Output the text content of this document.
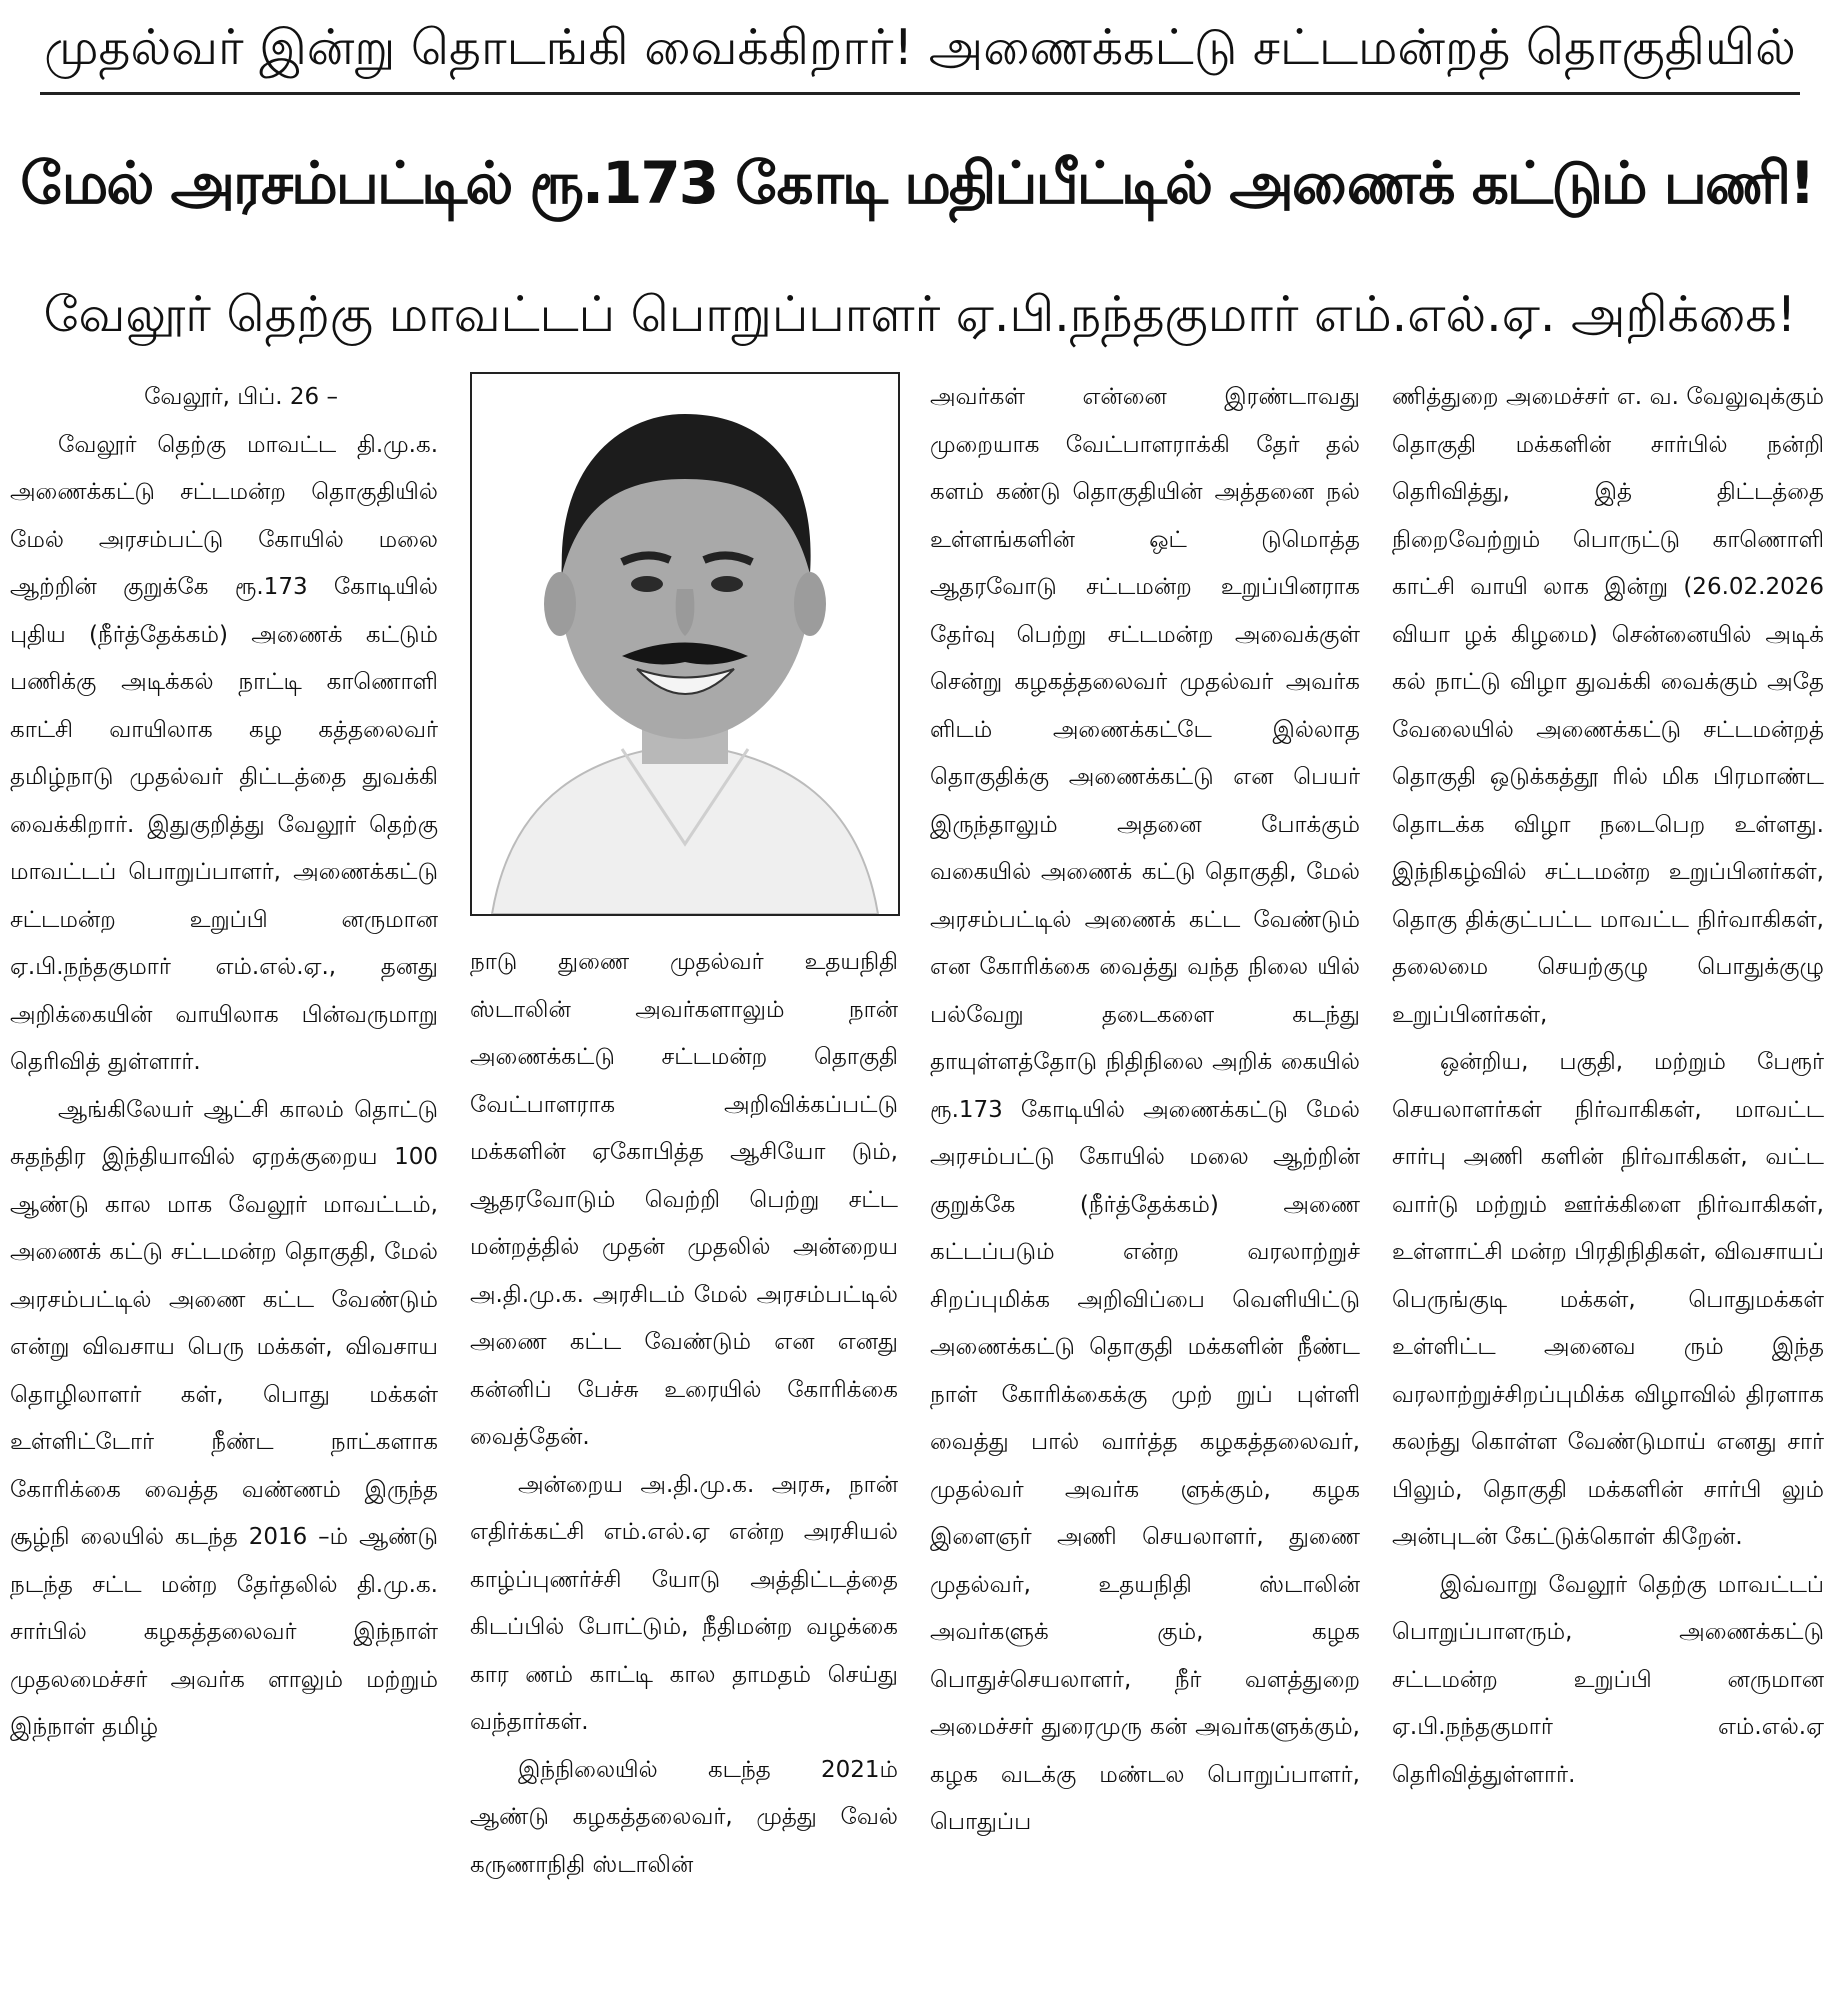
முதல்வர் இன்று தொடங்கி வைக்கிறார்! அணைக்கட்டு சட்டமன்றத் தொகுதியில்
மேல் அரசம்பட்டில் ரூ.173 கோடி மதிப்பீட்டில் அணைக் கட்டும் பணி!
வேலூர் தெற்கு மாவட்டப் பொறுப்பாளர் ஏ.பி.நந்தகுமார் எம்.எல்.ஏ. அறிக்கை!

வேலூர், பிப். 26 –

வேலூர் தெற்கு மாவட்ட தி.மு.க. அணைக்கட்டு சட்டமன்ற தொகுதியில் மேல் அரசம்பட்டு கோயில் மலை ஆற்றின் குறுக்கே ரூ.173 கோடியில் புதிய (நீர்த்தேக்கம்) அணைக் கட்டும் பணிக்கு அடிக்கல் நாட்டி காணொளி காட்சி வாயிலாக கழ கத்தலைவர் தமிழ்நாடு முதல்வர் திட்டத்தை துவக்கி வைக்கிறார். இதுகுறித்து வேலூர் தெற்கு மாவட்டப் பொறுப்பாளர், அணைக்கட்டு சட்டமன்ற உறுப்பி னருமான ஏ.பி.நந்தகுமார் எம்.எல்.ஏ., தனது அறிக்கையின் வாயிலாக பின்வருமாறு தெரிவித் துள்ளார்.

ஆங்கிலேயர் ஆட்சி காலம் தொட்டு சுதந்திர இந்தியாவில் ஏறக்குறைய 100 ஆண்டு கால மாக வேலூர் மாவட்டம், அணைக் கட்டு சட்டமன்ற தொகுதி, மேல் அரசம்பட்டில் அணை கட்ட வேண்டும் என்று விவசாய பெரு மக்கள், விவசாய தொழிலாளர் கள், பொது மக்கள் உள்ளிட்டோர் நீண்ட நாட்களாக கோரிக்கை வைத்த வண்ணம் இருந்த சூழ்நி லையில் கடந்த 2016 –ம் ஆண்டு நடந்த சட்ட மன்ற தேர்தலில் தி.மு.க. சார்பில் கழகத்தலைவர் இந்நாள் முதலமைச்சர் அவர்க ளாலும் மற்றும் இந்நாள் தமிழ்

நாடு துணை முதல்வர் உதயநிதி ஸ்டாலின் அவர்களாலும் நான் அணைக்கட்டு சட்டமன்ற தொகுதி வேட்பாளராக அறிவிக்கப்பட்டு மக்களின் ஏகோபித்த ஆசியோ டும், ஆதரவோடும் வெற்றி பெற்று சட்ட மன்றத்தில் முதன் முதலில் அன்றைய அ.தி.மு.க. அரசிடம் மேல் அரசம்பட்டில் அணை கட்ட வேண்டும் என எனது கன்னிப் பேச்சு உரையில் கோரிக்கை வைத்தேன்.

அன்றைய அ.தி.மு.க. அரசு, நான் எதிர்க்கட்சி எம்.எல்.ஏ என்ற அரசியல் காழ்ப்புணர்ச்சி யோடு அத்திட்டத்தை கிடப்பில் போட்டும், நீதிமன்ற வழக்கை கார ணம் காட்டி கால தாமதம் செய்து வந்தார்கள்.

இந்நிலையில் கடந்த 2021ம் ஆண்டு கழகத்தலைவர், முத்து வேல் கருணாநிதி ஸ்டாலின்

அவர்கள் என்னை இரண்டாவது முறையாக வேட்பாளராக்கி தேர் தல் களம் கண்டு தொகுதியின் அத்தனை நல் உள்ளங்களின் ஒட் டுமொத்த ஆதரவோடு சட்டமன்ற உறுப்பினராக தேர்வு பெற்று சட்டமன்ற அவைக்குள் சென்று கழகத்தலைவர் முதல்வர் அவர்க ளிடம் அணைக்கட்டே இல்லாத தொகுதிக்கு அணைக்கட்டு என பெயர் இருந்தாலும் அதனை போக்கும் வகையில் அணைக் கட்டு தொகுதி, மேல் அரசம்பட்டில் அணைக் கட்ட வேண்டும் என கோரிக்கை வைத்து வந்த நிலை யில் பல்வேறு தடைகளை கடந்து தாயுள்ளத்தோடு நிதிநிலை அறிக் கையில் ரூ.173 கோடியில் அணைக்கட்டு மேல் அரசம்பட்டு கோயில் மலை ஆற்றின் குறுக்கே (நீர்த்தேக்கம்) அணை கட்டப்படும் என்ற வரலாற்றுச் சிறப்புமிக்க அறிவிப்பை வெளியிட்டு அணைக்கட்டு தொகுதி மக்களின் நீண்ட நாள் கோரிக்கைக்கு முற் றுப் புள்ளி வைத்து பால் வார்த்த கழகத்தலைவர், முதல்வர் அவர்க ளுக்கும், கழக இளைஞர் அணி செயலாளர், துணை முதல்வர், உதயநிதி ஸ்டாலின் அவர்களுக் கும், கழக பொதுச்செயலாளர், நீர் வளத்துறை அமைச்சர் துரைமுரு கன் அவர்களுக்கும், கழக வடக்கு மண்டல பொறுப்பாளர், பொதுப்ப

ணித்துறை அமைச்சர் எ. வ. வேலுவுக்கும் தொகுதி மக்களின் சார்பில் நன்றி தெரிவித்து, இத் திட்டத்தை நிறைவேற்றும் பொருட்டு காணொளி காட்சி வாயி லாக இன்று (26.02.2026 வியா ழக் கிழமை) சென்னையில் அடிக் கல் நாட்டு விழா துவக்கி வைக்கும் அதே வேலையில் அணைக்கட்டு சட்டமன்றத் தொகுதி ஒடுக்கத்தூ ரில் மிக பிரமாண்ட தொடக்க விழா நடைபெற உள்ளது. இந்நிகழ்வில் சட்டமன்ற உறுப்பினர்கள், தொகு திக்குட்பட்ட மாவட்ட நிர்வாகிகள், தலைமை செயற்குழு பொதுக்குழு உறுப்பினர்கள்,

ஒன்றிய, பகுதி, மற்றும் பேரூர் செயலாளர்கள் நிர்வாகிகள், மாவட்ட சார்பு அணி களின் நிர்வாகிகள், வட்ட வார்டு மற்றும் ஊர்க்கிளை நிர்வாகிகள், உள்ளாட்சி மன்ற பிரதிநிதிகள், விவசாயப் பெருங்குடி மக்கள், பொதுமக்கள் உள்ளிட்ட அனைவ ரும் இந்த வரலாற்றுச்சிறப்புமிக்க விழாவில் திரளாக கலந்து கொள்ள வேண்டுமாய் எனது சார் பிலும், தொகுதி மக்களின் சார்பி லும் அன்புடன் கேட்டுக்கொள் கிறேன்.

இவ்வாறு வேலூர் தெற்கு மாவட்டப் பொறுப்பாளரும், அணைக்கட்டு சட்டமன்ற உறுப்பி னருமான ஏ.பி.நந்தகுமார் எம்.எல்.ஏ தெரிவித்துள்ளார்.
